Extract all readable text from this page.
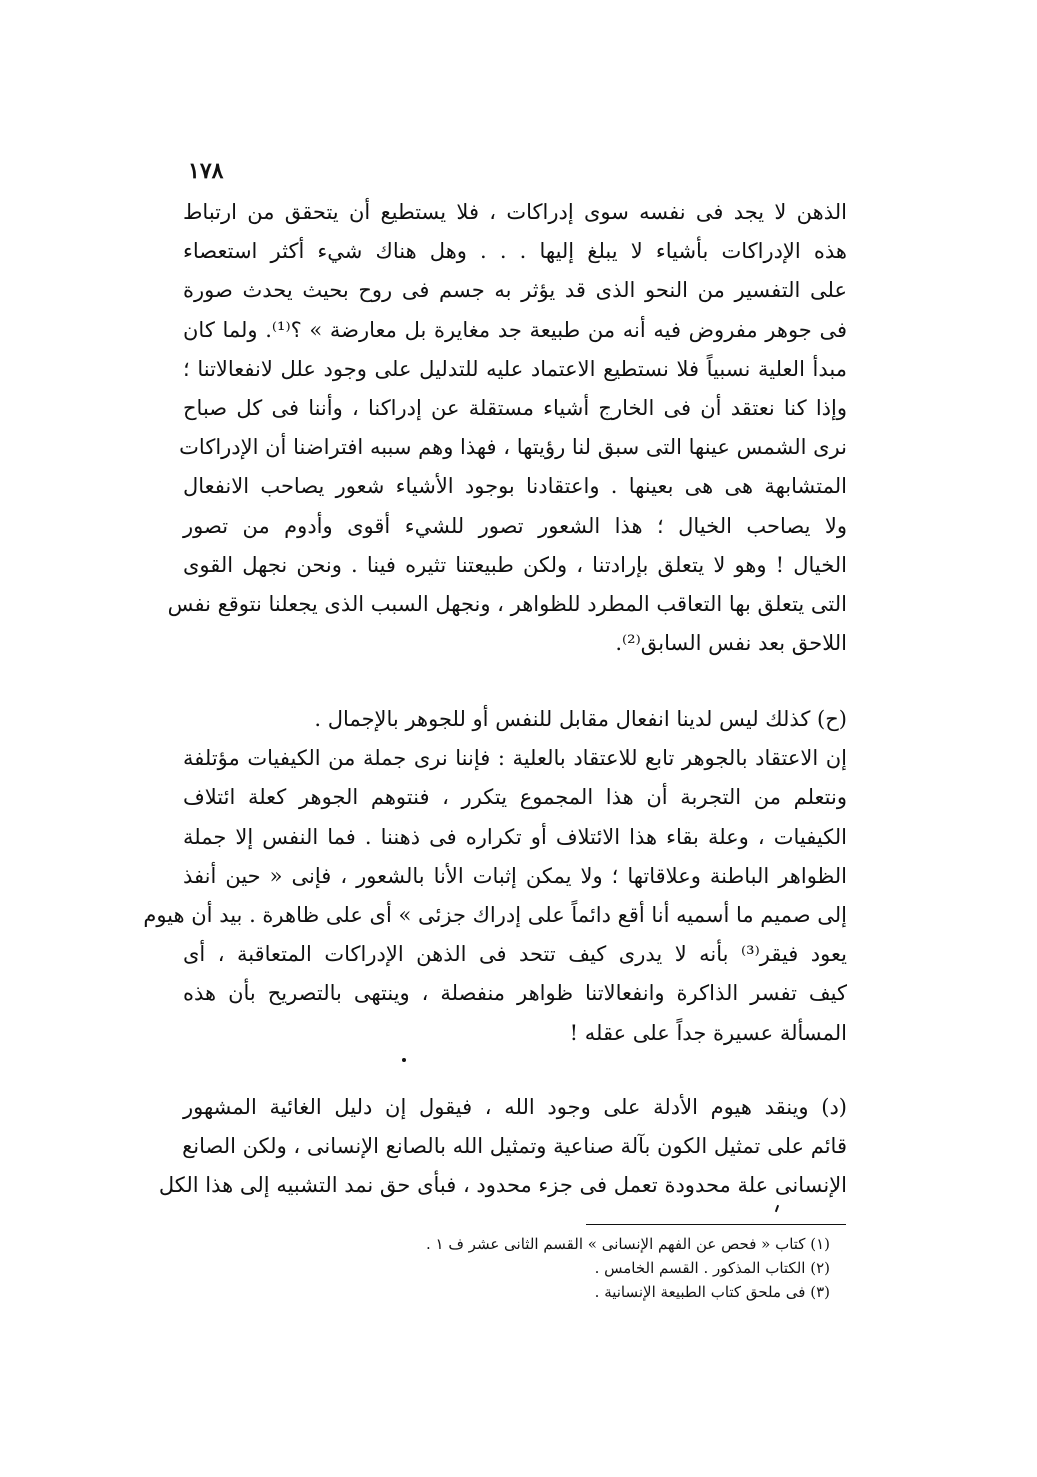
١٧٨
الذهن لا يجد فى نفسه سوى إدراكات ، فلا يستطيع أن يتحقق من ارتباط
هذه الإدراكات بأشياء لا يبلغ إليها . . . وهل هناك شيء أكثر استعصاء
على التفسير من النحو الذى قد يؤثر به جسم فى روح بحيث يحدث صورة
فى جوهر مفروض فيه أنه من طبيعة جد مغايرة بل معارضة » ؟⁽¹⁾. ولما كان
مبدأ العلية نسبياً فلا نستطيع الاعتماد عليه للتدليل على وجود علل لانفعالاتنا ؛
وإذا كنا نعتقد أن فى الخارج أشياء مستقلة عن إدراكنا ، وأننا فى كل صباح
نرى الشمس عينها التى سبق لنا رؤيتها ، فهذا وهم سببه افتراضنا أن الإدراكات
المتشابهة هى هى بعينها . واعتقادنا بوجود الأشياء شعور يصاحب الانفعال
ولا يصاحب الخيال ؛ هذا الشعور تصور للشيء أقوى وأدوم من تصور
الخيال ! وهو لا يتعلق بإرادتنا ، ولكن طبيعتنا تثيره فينا . ونحن نجهل القوى
التى يتعلق بها التعاقب المطرد للظواهر ، ونجهل السبب الذى يجعلنا نتوقع نفس
اللاحق بعد نفس السابق⁽²⁾.
(ح) كذلك ليس لدينا انفعال مقابل للنفس أو للجوهر بالإجمال .
إن الاعتقاد بالجوهر تابع للاعتقاد بالعلية : فإننا نرى جملة من الكيفيات مؤتلفة
ونتعلم من التجربة أن هذا المجموع يتكرر ، فنتوهم الجوهر كعلة ائتلاف
الكيفيات ، وعلة بقاء هذا الائتلاف أو تكراره فى ذهننا . فما النفس إلا جملة
الظواهر الباطنة وعلاقاتها ؛ ولا يمكن إثبات الأنا بالشعور ، فإنى « حين أنفذ
إلى صميم ما أسميه أنا أقع دائماً على إدراك جزئى » أى على ظاهرة . بيد أن هيوم
يعود فيقر⁽³⁾ بأنه لا يدرى كيف تتحد فى الذهن الإدراكات المتعاقبة ، أى
كيف تفسر الذاكرة وانفعالاتنا ظواهر منفصلة ، وينتهى بالتصريح بأن هذه
المسألة عسيرة جداً على عقله !
(د) وينقد هيوم الأدلة على وجود الله ، فيقول إن دليل الغائية المشهور
قائم على تمثيل الكون بآلة صناعية وتمثيل الله بالصانع الإنسانى ، ولكن الصانع
الإنسانى علة محدودة تعمل فى جزء محدود ، فبأى حق نمد التشبيه إلى هذا الكل
(١) كتاب « فحص عن الفهم الإنسانى » القسم الثانى عشر ف ١ .
(٢) الكتاب المذكور . القسم الخامس .
(٣) فى ملحق كتاب الطبيعة الإنسانية .
